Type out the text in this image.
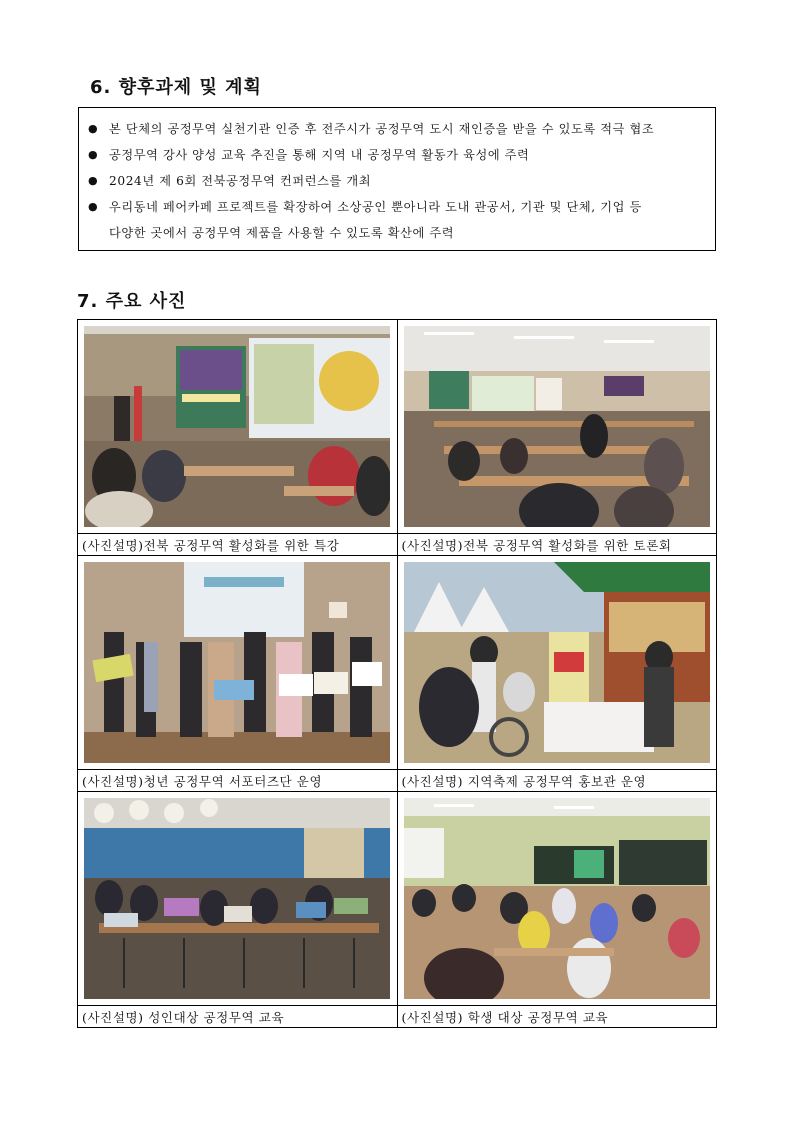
6. 향후과제 및 계획
● 본 단체의 공정무역 실천기관 인증 후 전주시가 공정무역 도시 재인증을 받을 수 있도록 적극 협조
● 공정무역 강사 양성 교육 추진을 통해 지역 내 공정무역 활동가 육성에 주력
● 2024년 제 6회 전북공정무역 컨퍼런스를 개최
● 우리동네 페어카페 프로젝트를 확장하여 소상공인 뿐아니라 도내 관공서, 기관 및 단체, 기업 등
다양한 곳에서 공정무역 제품을 사용할 수 있도록 확산에 주력
7. 주요 사진

(사진설명)전북 공정무역 활성화를 위한 특강	(사진설명)전북 공정무역 활성화를 위한 토론회

(사진설명)청년 공정무역 서포터즈단 운영	(사진설명) 지역축제 공정무역 홍보관 운영

(사진설명) 성인대상 공정무역 교육	(사진설명) 학생 대상 공정무역 교육
